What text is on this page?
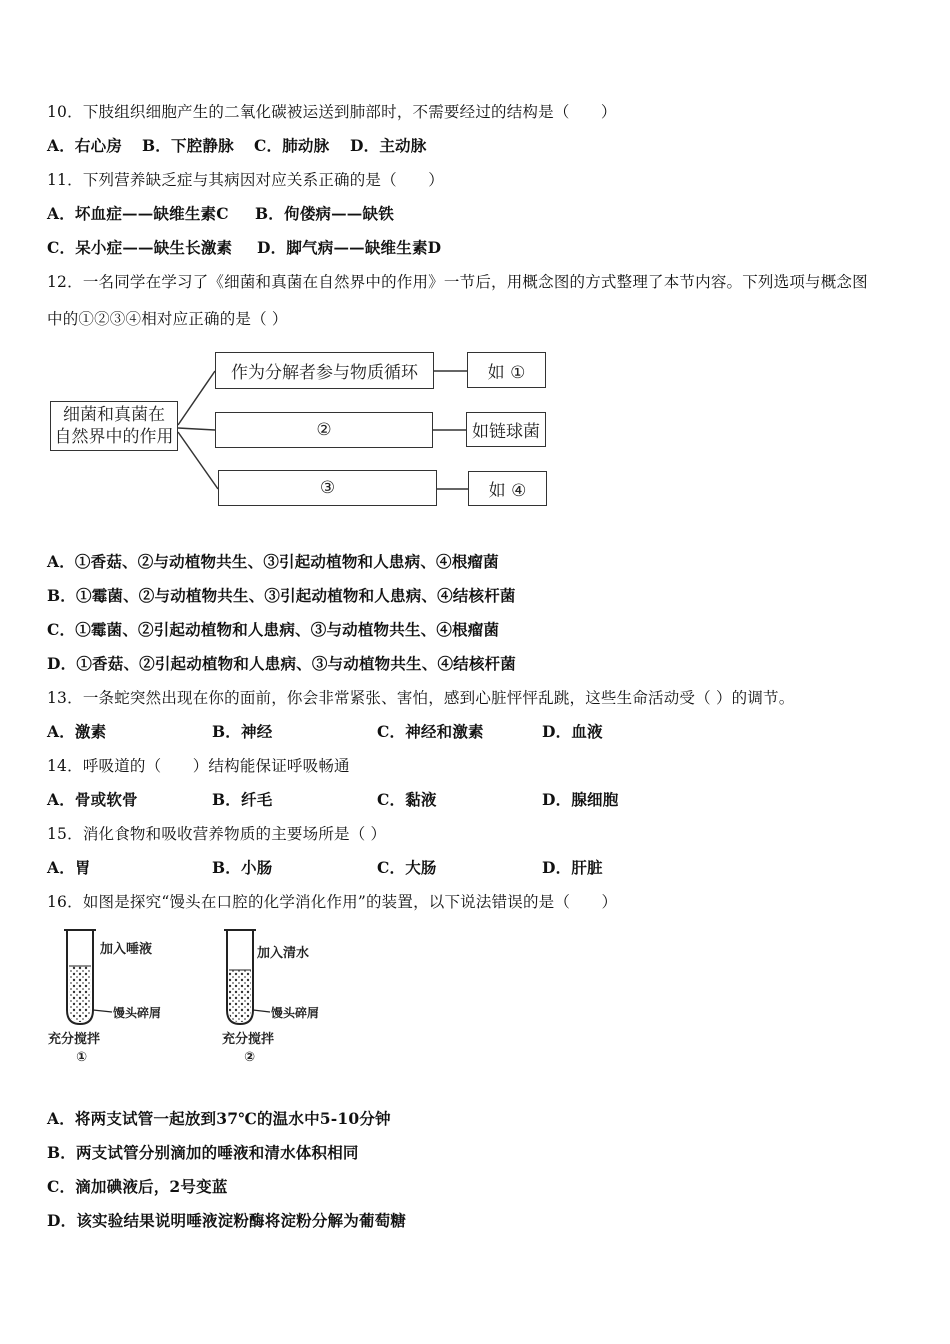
10．下肢组织细胞产生的二氧化碳被运送到肺部时，不需要经过的结构是（　　）
A．右心房 B．下腔静脉 C．肺动脉 D．主动脉
11．下列营养缺乏症与其病因对应关系正确的是（　　）
A．坏血症——缺维生素C B．佝偻病——缺铁
C．呆小症——缺生长激素 D．脚气病——缺维生素D
12．一名同学在学习了《细菌和真菌在自然界中的作用》一节后，用概念图的方式整理了本节内容。下列选项与概念图
中的①②③④相对应正确的是（ ）
细菌和真菌在
自然界中的作用
作为分解者参与物质循环	如 ①
②	如链球菌
③	如 ④
A．①香菇、②与动植物共生、③引起动植物和人患病、④根瘤菌
B．①霉菌、②与动植物共生、③引起动植物和人患病、④结核杆菌
C．①霉菌、②引起动植物和人患病、③与动植物共生、④根瘤菌
D．①香菇、②引起动植物和人患病、③与动植物共生、④结核杆菌
13．一条蛇突然出现在你的面前，你会非常紧张、害怕，感到心脏怦怦乱跳，这些生命活动受（ ）的调节。
A．激素	B．神经	C．神经和激素	D．血液
14．呼吸道的（　　）结构能保证呼吸畅通
A．骨或软骨	B．纤毛	C．黏液	D．腺细胞
15．消化食物和吸收营养物质的主要场所是（ ）
A．胃	B．小肠	C．大肠	D．肝脏
16．如图是探究“馒头在口腔的化学消化作用”的装置，以下说法错误的是（　　）
加入唾液
馒头碎屑
充分搅拌
①
加入清水
馒头碎屑
充分搅拌
②
A．将两支试管一起放到37℃的温水中5-10分钟
B．两支试管分别滴加的唾液和清水体积相同
C．滴加碘液后，2号变蓝
D．该实验结果说明唾液淀粉酶将淀粉分解为葡萄糖
